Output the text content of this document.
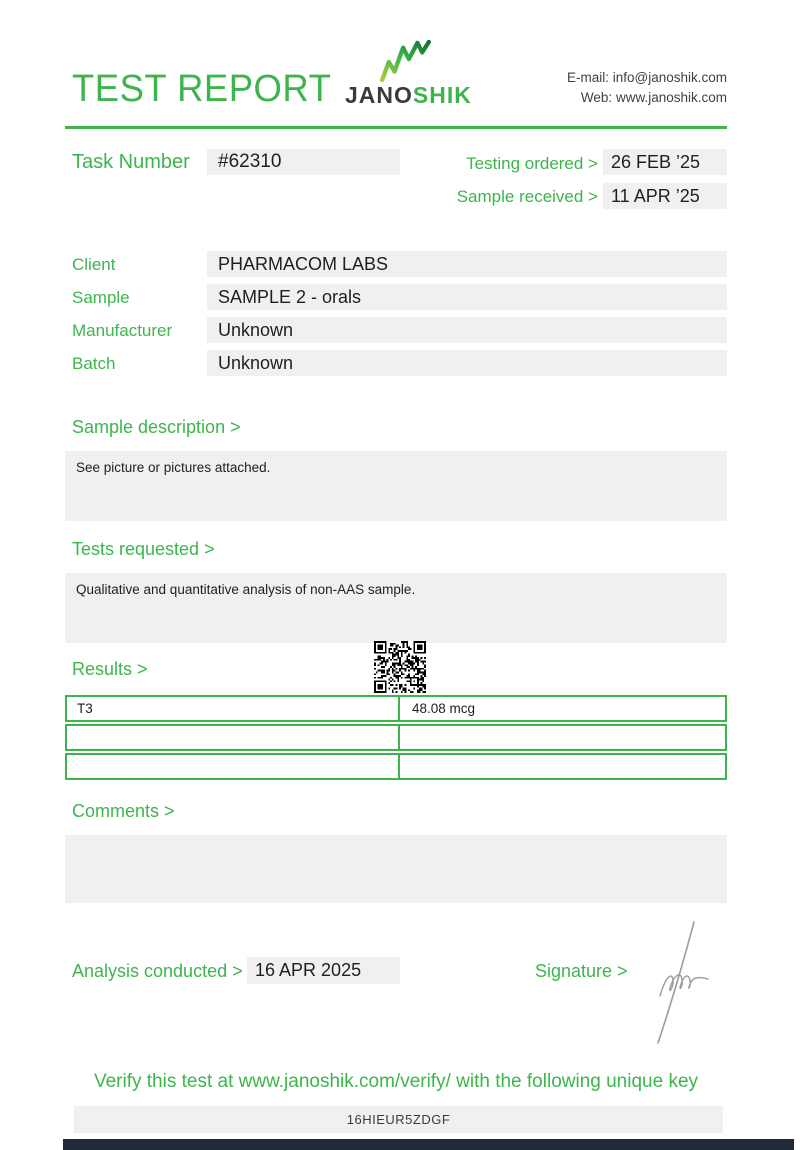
TEST REPORT JANOSHIK
E-mail: info@janoshik.com
Web: www.janoshik.com
Task Number	#62310	Testing ordered > 26 FEB ’25
Sample received > 11 APR ’25
Client	PHARMACOM LABS
Sample	SAMPLE 2 - orals
Manufacturer	Unknown
Batch	Unknown
Sample description >
See picture or pictures attached.
Tests requested >
Qualitative and quantitative analysis of non-AAS sample.
Results >
T3	48.08 mcg
Comments >
Analysis conducted > 16 APR 2025	Signature >
Verify this test at www.janoshik.com/verify/ with the following unique key
16HIEUR5ZDGF
